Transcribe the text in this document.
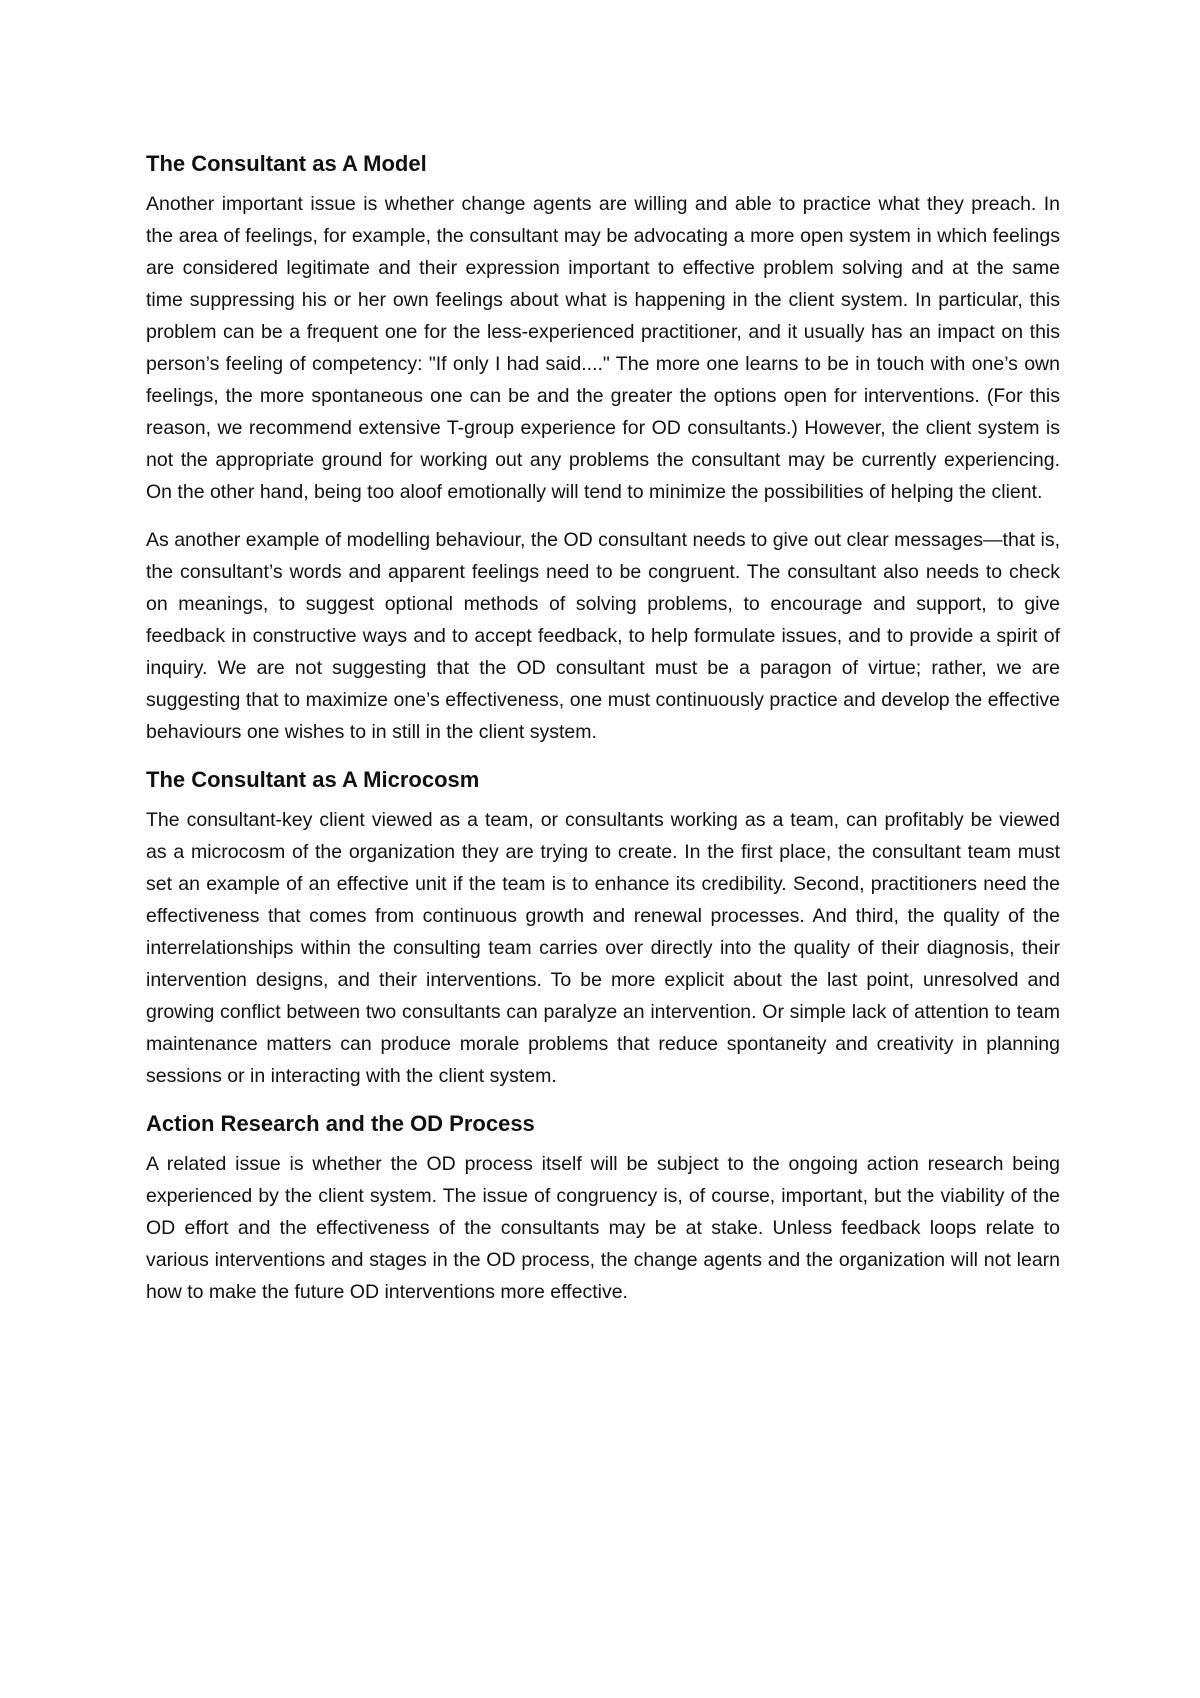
The Consultant as A Model

Another important issue is whether change agents are willing and able to practice what they preach. In the area of feelings, for example, the consultant may be advocating a more open system in which feelings are considered legitimate and their expression important to effective problem solving and at the same time suppressing his or her own feelings about what is happening in the client system. In particular, this problem can be a frequent one for the less-experienced practitioner, and it usually has an impact on this person’s feeling of competency: "If only I had said...." The more one learns to be in touch with one’s own feelings, the more spontaneous one can be and the greater the options open for interventions. (For this reason, we recommend extensive T-group experience for OD consultants.) However, the client system is not the appropriate ground for working out any problems the consultant may be currently experiencing. On the other hand, being too aloof emotionally will tend to minimize the possibilities of helping the client.

As another example of modelling behaviour, the OD consultant needs to give out clear messages—that is, the consultant’s words and apparent feelings need to be congruent. The consultant also needs to check on meanings, to suggest optional methods of solving problems, to encourage and support, to give feedback in constructive ways and to accept feedback, to help formulate issues, and to provide a spirit of inquiry. We are not suggesting that the OD consultant must be a paragon of virtue; rather, we are suggesting that to maximize one’s effectiveness, one must continuously practice and develop the effective behaviours one wishes to in still in the client system.

The Consultant as A Microcosm

The consultant-key client viewed as a team, or consultants working as a team, can profitably be viewed as a microcosm of the organization they are trying to create. In the first place, the consultant team must set an example of an effective unit if the team is to enhance its credibility. Second, practitioners need the effectiveness that comes from continuous growth and renewal processes. And third, the quality of the interrelationships within the consulting team carries over directly into the quality of their diagnosis, their intervention designs, and their interventions. To be more explicit about the last point, unresolved and growing conflict between two consultants can paralyze an intervention. Or simple lack of attention to team maintenance matters can produce morale problems that reduce spontaneity and creativity in planning sessions or in interacting with the client system.

Action Research and the OD Process

A related issue is whether the OD process itself will be subject to the ongoing action research being experienced by the client system. The issue of congruency is, of course, important, but the viability of the OD effort and the effectiveness of the consultants may be at stake. Unless feedback loops relate to various interventions and stages in the OD process, the change agents and the organization will not learn how to make the future OD interventions more effective.
